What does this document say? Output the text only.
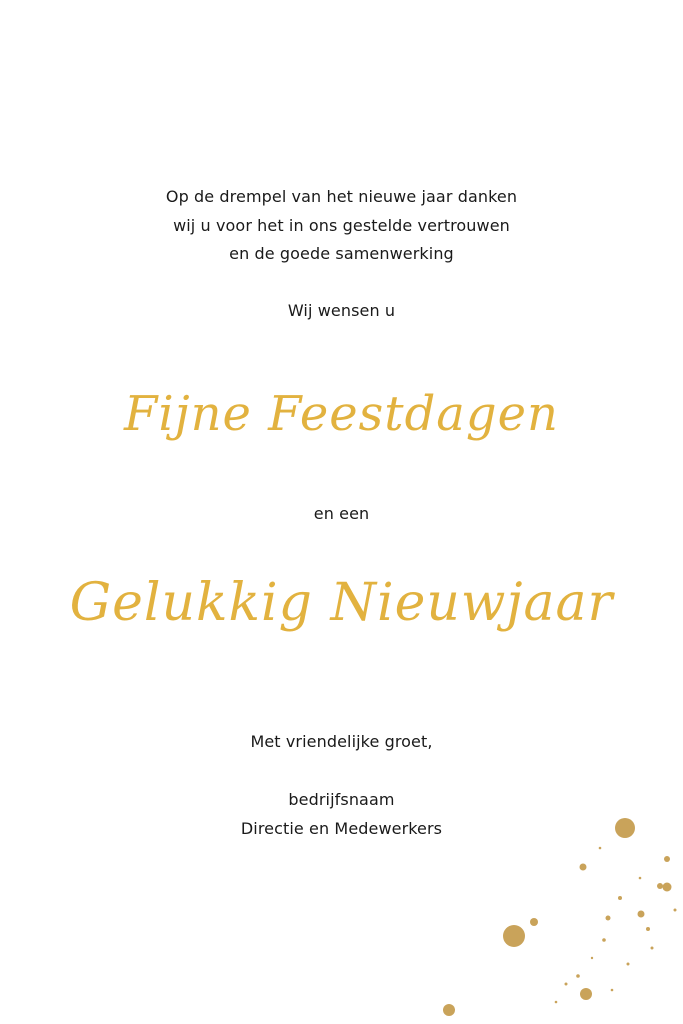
Op de drempel van het nieuwe jaar danken
wij u voor het in ons gestelde vertrouwen
en de goede samenwerking
Wij wensen u
Fijne Feestdagen
en een
Gelukkig Nieuwjaar
Met vriendelijke groet,
bedrijfsnaam
Directie en Medewerkers
